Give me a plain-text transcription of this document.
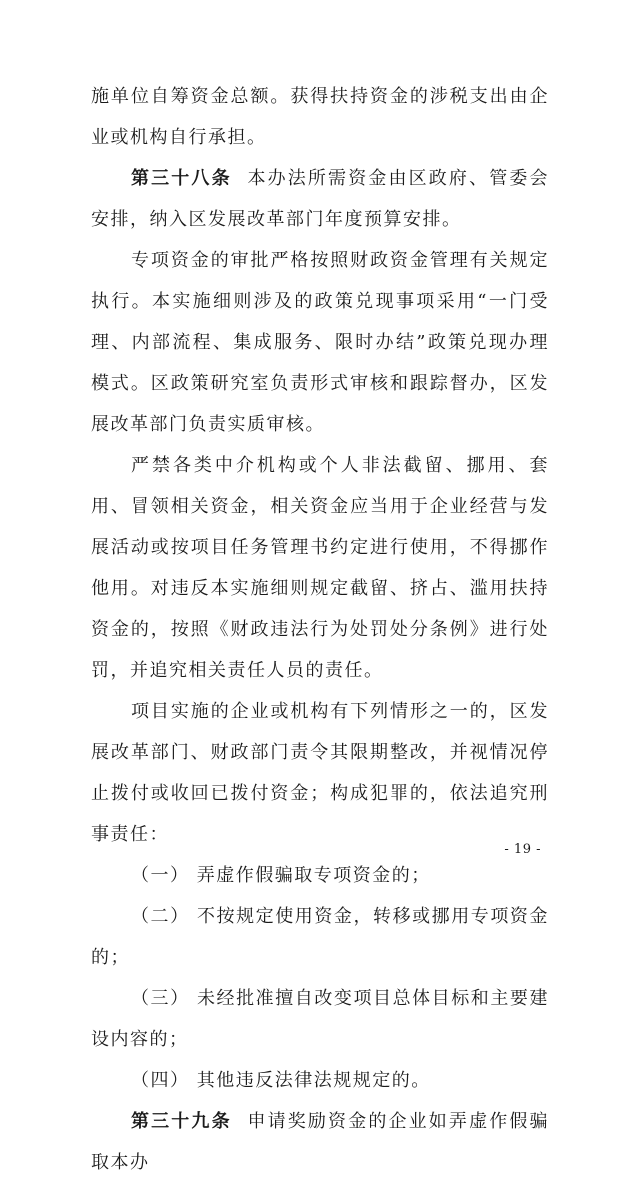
施单位自筹资金总额。获得扶持资金的涉税支出由企业或机构自行承担。

第三十八条 本办法所需资金由区政府、管委会安排，纳入区发展改革部门年度预算安排。

专项资金的审批严格按照财政资金管理有关规定执行。本实施细则涉及的政策兑现事项采用“一门受理、内部流程、集成服务、限时办结”政策兑现办理模式。区政策研究室负责形式审核和跟踪督办，区发展改革部门负责实质审核。

严禁各类中介机构或个人非法截留、挪用、套用、冒领相关资金，相关资金应当用于企业经营与发展活动或按项目任务管理书约定进行使用，不得挪作他用。对违反本实施细则规定截留、挤占、滥用扶持资金的，按照《财政违法行为处罚处分条例》进行处罚，并追究相关责任人员的责任。

项目实施的企业或机构有下列情形之一的，区发展改革部门、财政部门责令其限期整改，并视情况停止拨付或收回已拨付资金；构成犯罪的，依法追究刑事责任：

（一） 弄虚作假骗取专项资金的；

（二） 不按规定使用资金，转移或挪用专项资金的；

（三） 未经批准擅自改变项目总体目标和主要建设内容的；

（四） 其他违反法律法规规定的。

第三十九条 申请奖励资金的企业如弄虚作假骗取本办

- 19 -
